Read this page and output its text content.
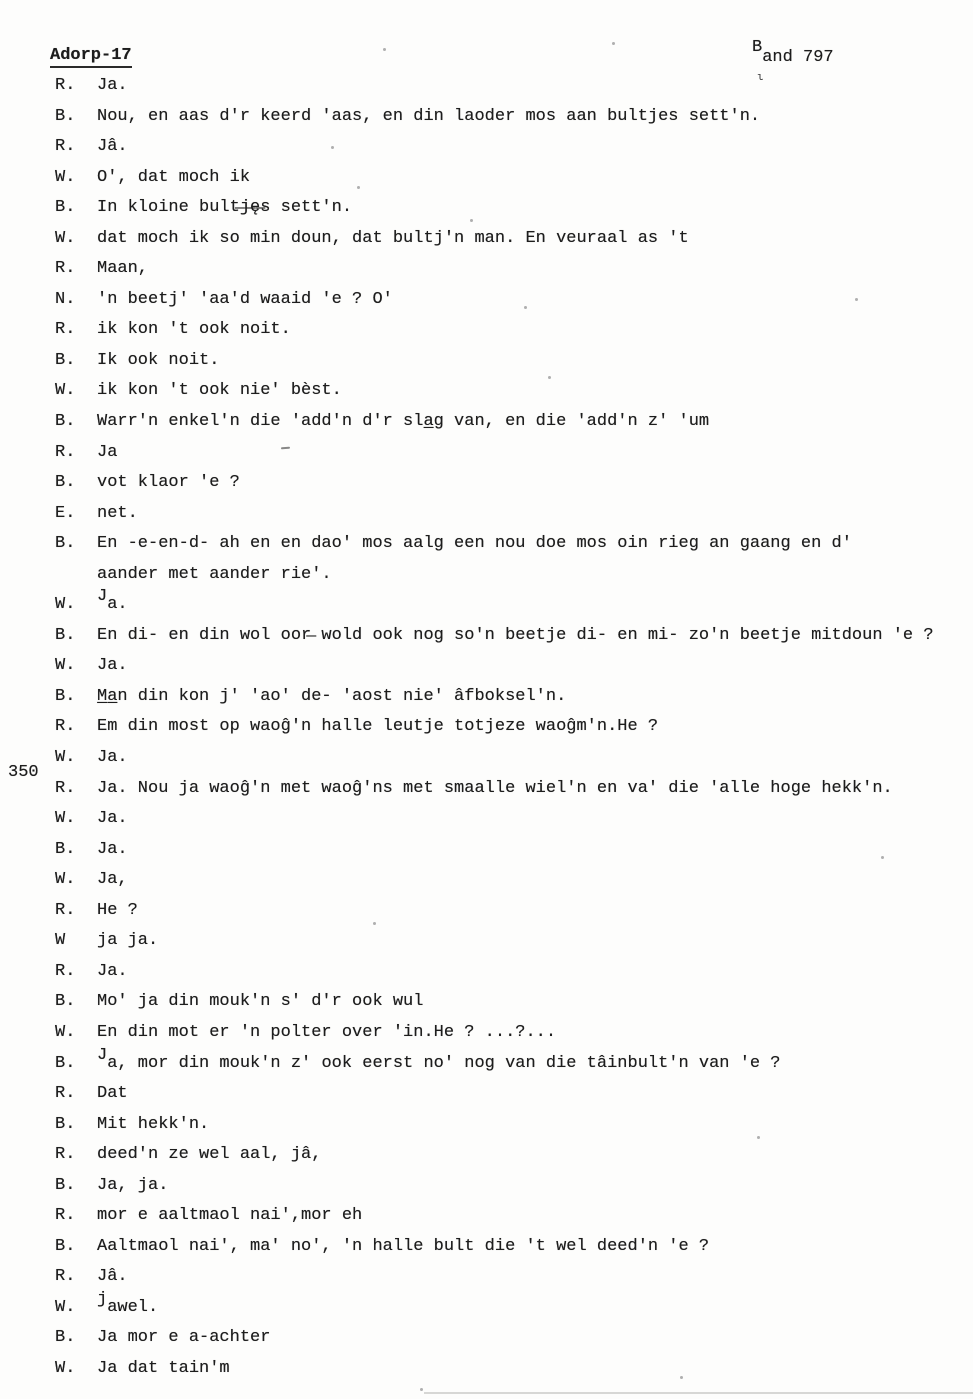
Adorp-17	Band 797
ι
350
R. Ja.
B. Nou, en aas d'r keerd 'aas, en din laoder mos aan bultjes sett'n.
R. Jâ.
W. O', dat moch ik
B. In kloine bult̶j̶ę̶s sett'n.
W. dat moch ik so min doun, dat bultj'n man. En veuraal as 't
R. Maan,
N. 'n beetj' 'aa'd waaid 'e ? O'
R. ik kon 't ook noit.
B. Ik ook noit.
W. ik kon 't ook nie' bèst.
B. Warr'n enkel'n die 'add'n d'r sla̲g van, en die 'add'n z' 'um
R. Ja
B. vot klaor 'e ?
E. net.
B. En -e-en-d- ah en en dao' mos aalg een nou doe mos oin rieg an gaang en d'
aander met aander rie'.
W. Ja.
B. En di- en din wol oor̶ wold ook nog so'n beetje di- en mi- zo'n beetje mitdoun 'e ?
W. Ja.
B. M̲a̲n din kon j' 'ao' de- 'aost nie' âfboksel'n.
R. Em din most op waoĝ'n halle leutje totjeze waoĝm'n.He ?
W. Ja.
R. Ja. Nou ja waoĝ'n met waoĝ'ns met smaalle wiel'n en va' die 'alle hoge hekk'n.
W. Ja.
B. Ja.
W. Ja,
R. He ?
W ja ja.
R. Ja.
B. Mo' ja din mouk'n s' d'r ook wul
W. En din mot er 'n polter over 'in.He ? ...?...
B. Ja, mor din mouk'n z' ook eerst no' nog van die tâinbult'n van 'e ?
R. Dat
B. Mit hekk'n.
R. deed'n ze wel aal, jâ,
B. Ja, ja.
R. mor e aaltmaol nai',mor eh
B. Aaltmaol nai', ma' no', 'n halle bult die 't wel deed'n 'e ?
R. Jâ.
W. jawel.
B. Ja mor e a-achter
W. Ja dat tain'm
